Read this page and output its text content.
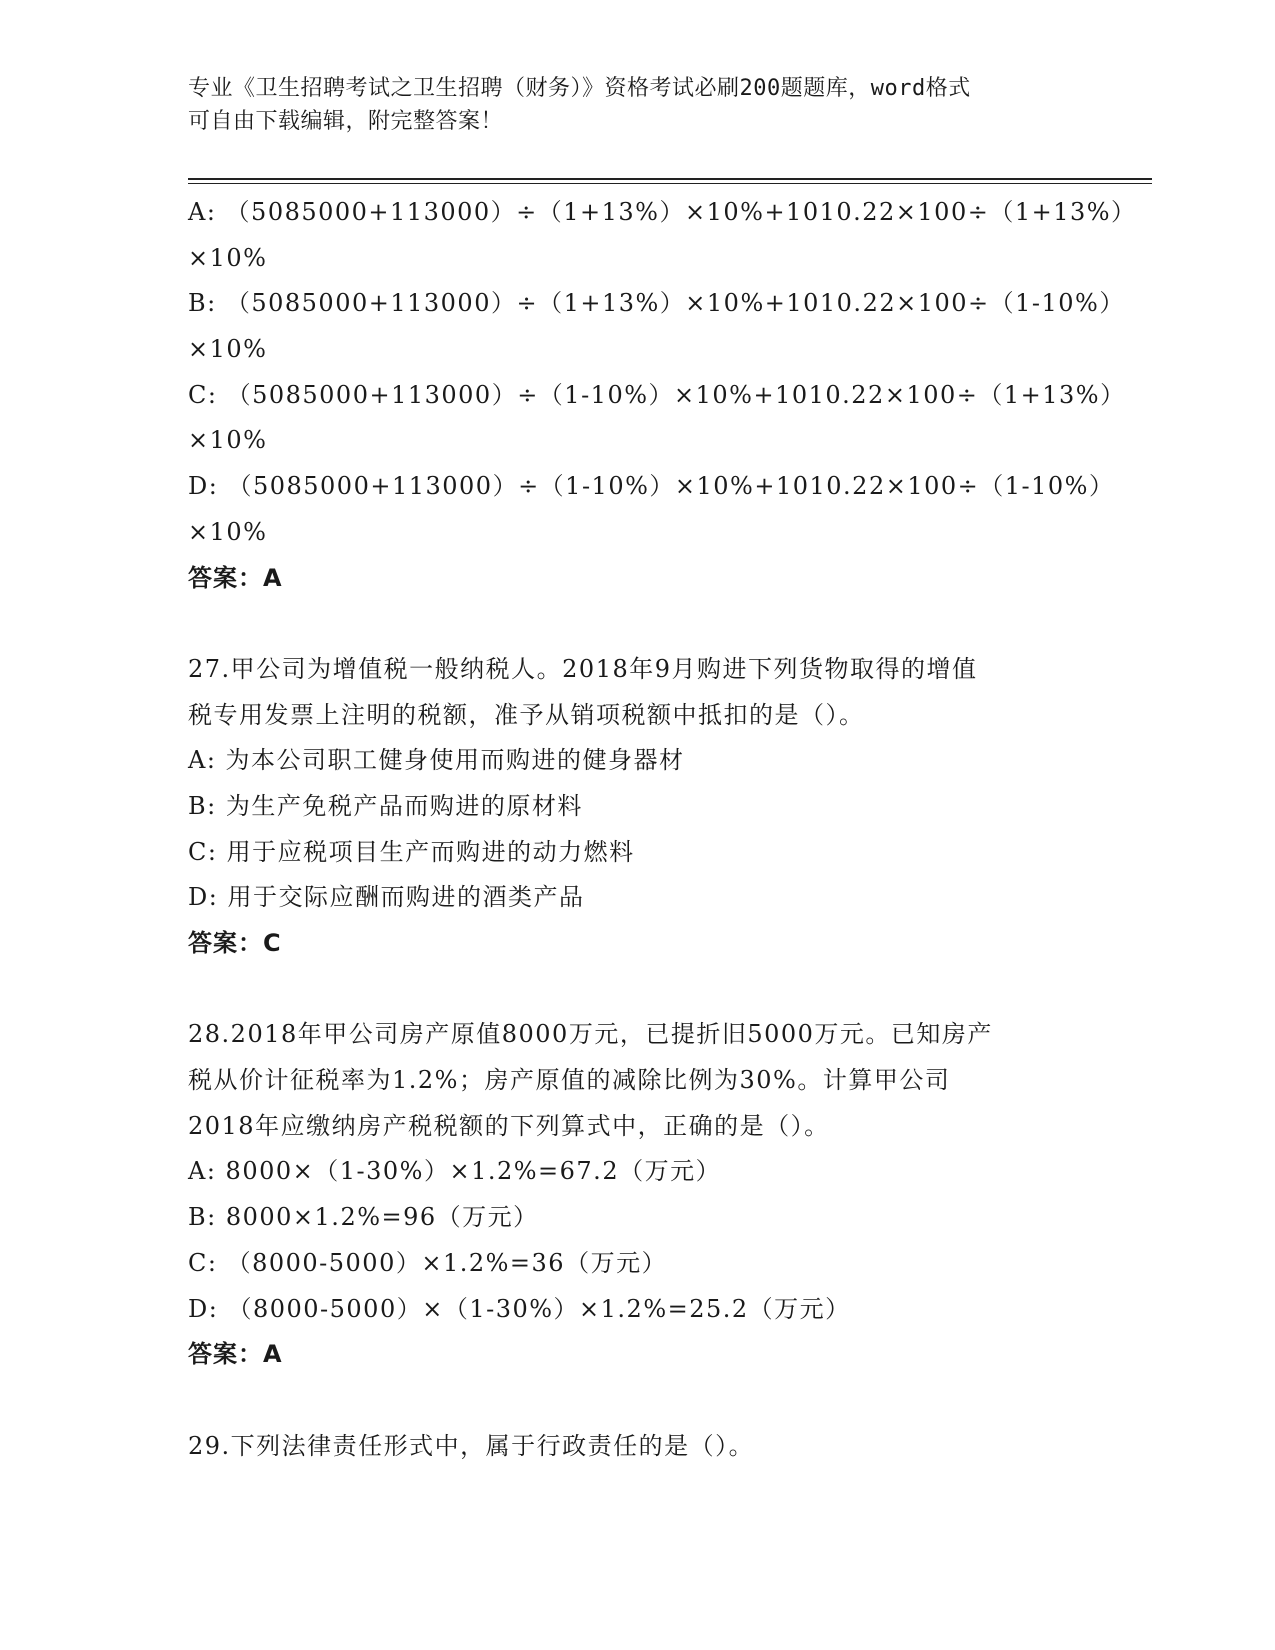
专业《卫生招聘考试之卫生招聘（财务）》资格考试必刷200题题库，word格式
可自由下载编辑，附完整答案！
A: （5085000+113000）÷（1+13%）×10%+1010.22×100÷（1+13%）
×10%
B: （5085000+113000）÷（1+13%）×10%+1010.22×100÷（1-10%）
×10%
C: （5085000+113000）÷（1-10%）×10%+1010.22×100÷（1+13%）
×10%
D: （5085000+113000）÷（1-10%）×10%+1010.22×100÷（1-10%）
×10%
答案：A
27.甲公司为增值税一般纳税人。2018年9月购进下列货物取得的增值
税专用发票上注明的税额，准予从销项税额中抵扣的是（）。
A: 为本公司职工健身使用而购进的健身器材
B: 为生产免税产品而购进的原材料
C: 用于应税项目生产而购进的动力燃料
D: 用于交际应酬而购进的酒类产品
答案：C
28.2018年甲公司房产原值8000万元，已提折旧5000万元。已知房产
税从价计征税率为1.2%；房产原值的减除比例为30%。计算甲公司
2018年应缴纳房产税税额的下列算式中，正确的是（）。
A: 8000×（1-30%）×1.2%=67.2（万元）
B: 8000×1.2%=96（万元）
C: （8000-5000）×1.2%=36（万元）
D: （8000-5000）×（1-30%）×1.2%=25.2（万元）
答案：A
29.下列法律责任形式中，属于行政责任的是（）。
